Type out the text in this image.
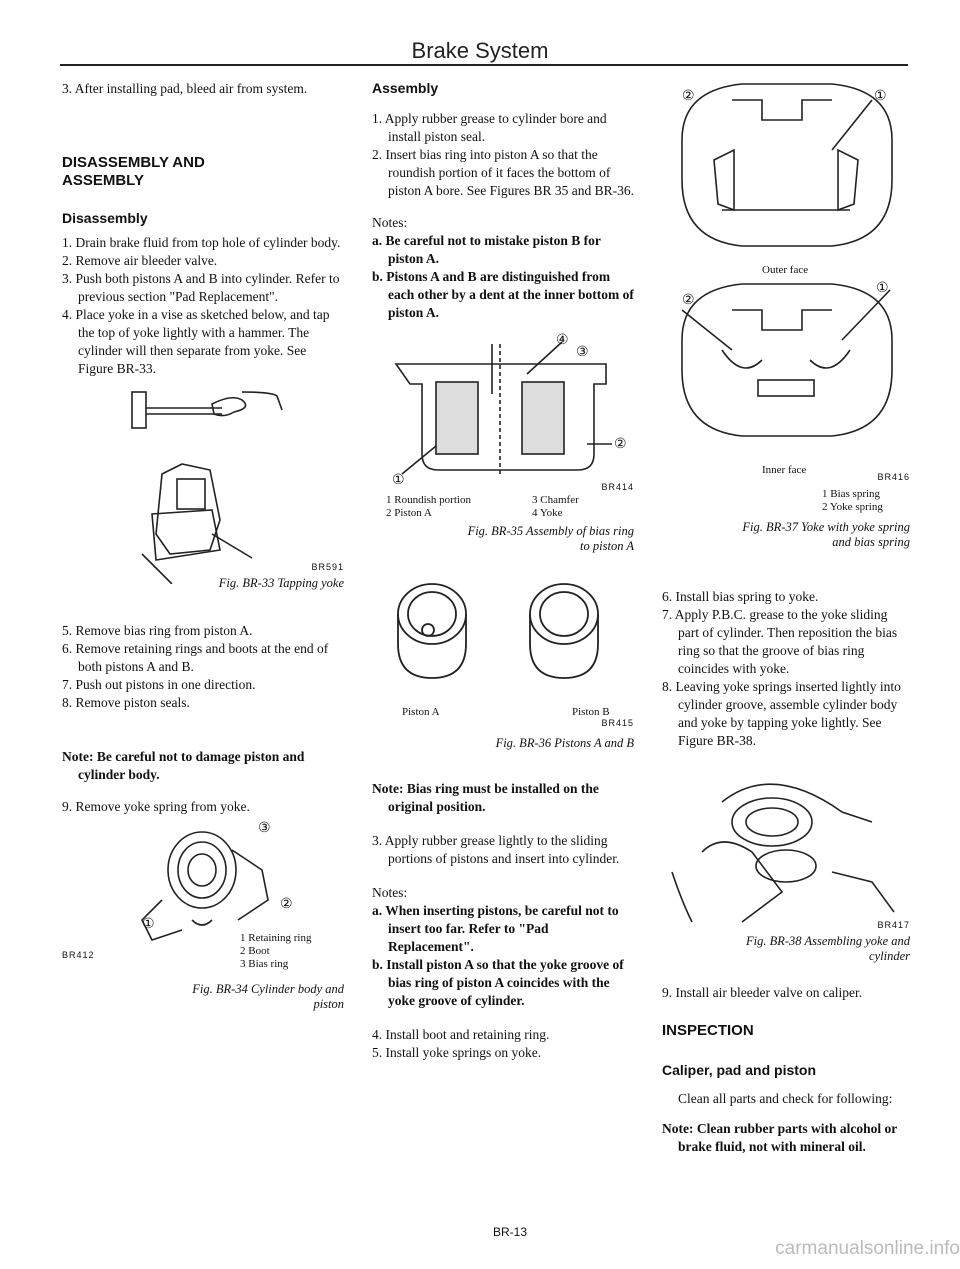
Brake System

3. After installing pad, bleed air from system.

DISASSEMBLY AND ASSEMBLY
Disassembly

1. Drain brake fluid from top hole of cylinder body.

2. Remove air bleeder valve.

3. Push both pistons A and B into cylinder. Refer to previous section "Pad Replacement".

4. Place yoke in a vise as sketched below, and tap the top of yoke lightly with a hammer. The cylinder will then separate from yoke. See Figure BR-33.

BR591
Fig. BR-33 Tapping yoke

5. Remove bias ring from piston A.

6. Remove retaining rings and boots at the end of both pistons A and B.

7. Push out pistons in one direction.

8. Remove piston seals.

Note: Be careful not to damage piston and cylinder body.

9. Remove yoke spring from yoke.

③
①
②
BR412
1 Retaining ring
2 Boot
3 Bias ring
Fig. BR-34 Cylinder body and
piston
Assembly

1. Apply rubber grease to cylinder bore and install piston seal.

2. Insert bias ring into piston A so that the roundish portion of it faces the bottom of piston A bore. See Figures BR 35 and BR-36.

Notes:

a. Be careful not to mistake piston B for piston A.

b. Pistons A and B are distinguished from each other by a dent at the inner bottom of piston A.

④
③
②
①	BR414
1 Roundish portion
2 Piston A
3 Chamfer
4 Yoke
Fig. BR-35 Assembly of bias ring
to piston A
Piston A	Piston B
BR415
Fig. BR-36 Pistons A and B

Note: Bias ring must be installed on the original position.

3. Apply rubber grease lightly to the sliding portions of pistons and insert into cylinder.

Notes:

a. When inserting pistons, be careful not to insert too far. Refer to "Pad Replacement".

b. Install piston A so that the yoke groove of bias ring of piston A coincides with the yoke groove of cylinder.

4. Install boot and retaining ring.

5. Install yoke springs on yoke.

②	①
Outer face
②
①
Inner face
BR416
1 Bias spring
2 Yoke spring
Fig. BR-37 Yoke with yoke spring
and bias spring

6. Install bias spring to yoke.

7. Apply P.B.C. grease to the yoke sliding part of cylinder. Then reposition the bias ring so that the groove of bias ring coincides with yoke.

8. Leaving yoke springs inserted lightly into cylinder groove, assemble cylinder body and yoke by tapping yoke lightly. See Figure BR-38.

BR417
Fig. BR-38 Assembling yoke and
cylinder

9. Install air bleeder valve on caliper.

INSPECTION
Caliper, pad and piston

Clean all parts and check for following:

Note: Clean rubber parts with alcohol or brake fluid, not with mineral oil.

BR-13
carmanualsonline.info
